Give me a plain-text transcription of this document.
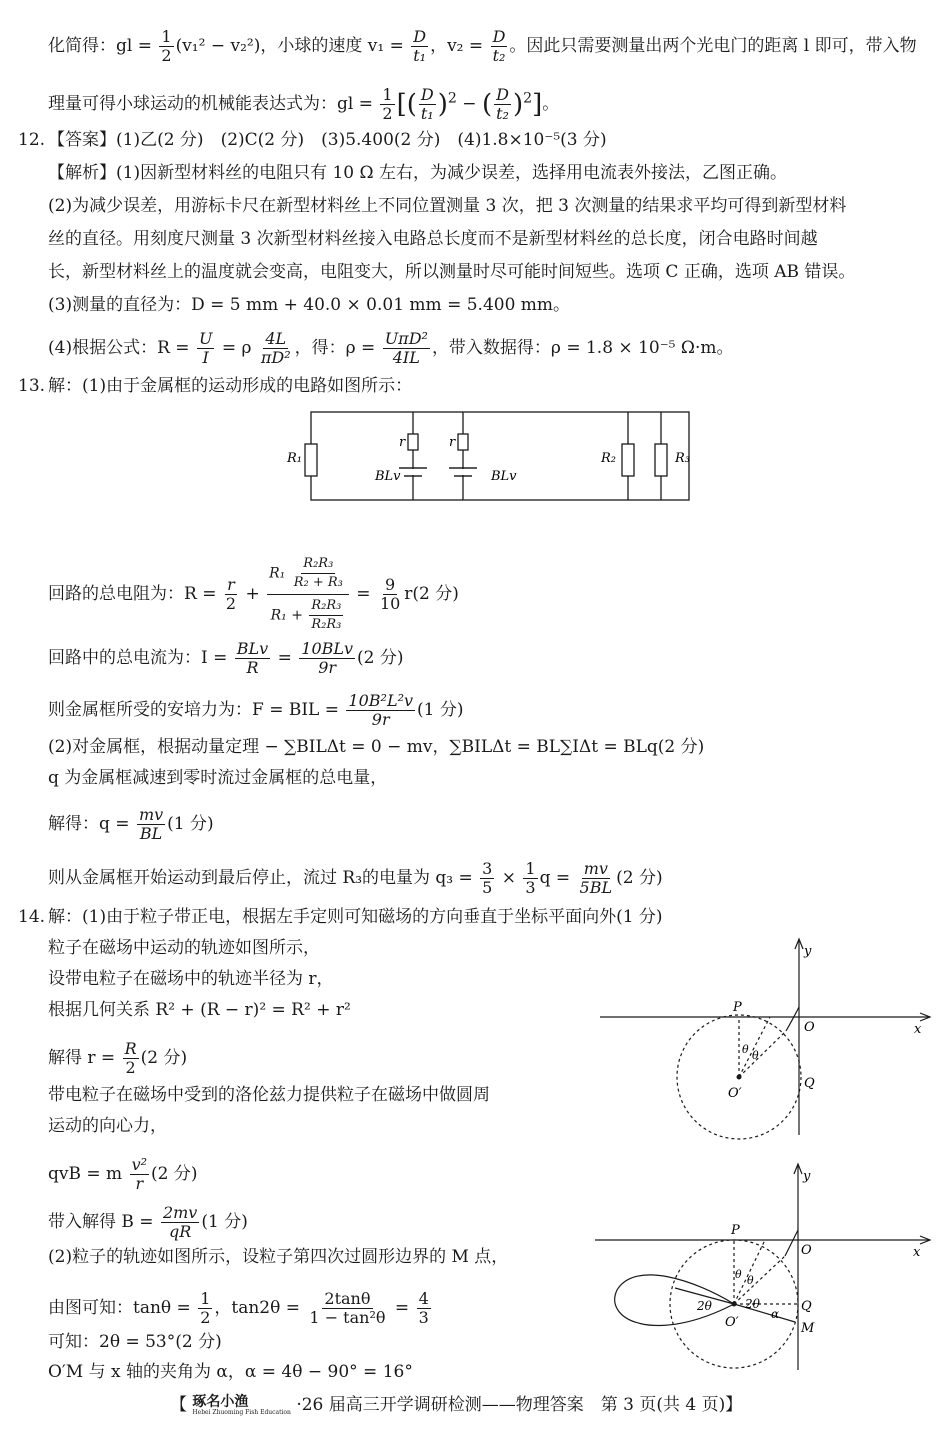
化简得：gl = $\frac{1}{2} (v_1^2 - v_2^2)$，小球的速度 $v_1 = \frac{D}{\text{t₁}}$ ，$v_2 = \frac{D}{\text{t₂}}$ 。因此只需要测量出两个光电门的距离 l 即可，带入物
理量可得小球运动的机械能表达式为：gl = $\frac{1}{2}$ [( $\frac{D}{\text{t₁}} )^2$ − ( $\frac{D}{\text{t₂}} )^2$]。
12. 【答案】(1)乙(2 分)　(2)C(2 分)　(3)5.400(2 分)　(4)1.8×10⁻⁵(3 分)
【解析】(1)因新型材料丝的电阻只有 10 Ω 左右，为减少误差，选择用电流表外接法，乙图正确。
(2)为减少误差，用游标卡尺在新型材料丝上不同位置测量 3 次，把 3 次测量的结果求平均可得到新型材料
丝的直径。用刻度尺测量 3 次新型材料丝接入电路总长度而不是新型材料丝的总长度，闭合电路时间越
长，新型材料丝上的温度就会变高，电阻变大，所以测量时尽可能时间短些。选项 C 正确，选项 AB 错误。
(3)测量的直径为：D = 5 mm + 40.0 × 0.01 mm = 5.400 mm。
(4)根据公式：$R = \frac{U}{I} = \rho \frac{4L}{\text{πD²}}$ ，得：$\rho = \frac{\text{UπD²}}{4IL}$ ，带入数据得：ρ = 1.8 × 10⁻⁵ Ω·m。
13. 解：(1)由于金属框的运动形成的电路如图所示：
R₁
r	r
BLv	BLv
R₂	R₃
回路的总电阻为：$R = \frac{r}{2} + \frac{R_1 \frac{\text{R₂R₃}}{\text{R₂ + R₃}}}{R_1 + \frac{\text{R₂R₃}}{\text{R₂R₃}}} = \frac{9}{10} r(2$ 分)
回路中的总电流为：$I = \frac{\text{BLv}}{R} = \frac{\text{10BLv}}{9r} (2$ 分)
则金属框所受的安培力为：F = BIL = $\frac{\text{10B²L²v}}{9r} (1$ 分)
(2)对金属框，根据动量定理 − ∑BILΔt = 0 − mv，∑BILΔt = BL∑IΔt = BLq(2 分)
q 为金属框减速到零时流过金属框的总电量，
解得：$q = \frac{mv}{BL} (1$ 分)
则从金属框开始运动到最后停止，流过 R₃的电量为 $q_3 = \frac{3}{5} \times \frac{1}{3}$ $q = \frac{mv}{5BL} (2$ 分)
14. 解：(1)由于粒子带正电，根据左手定则可知磁场的方向垂直于坐标平面向外(1 分)
粒子在磁场中运动的轨迹如图所示，
设带电粒子在磁场中的轨迹半径为 r，
根据几何关系 R² + (R − r)² = R² + r²
解得 $r = \frac{R}{2} (2$ 分)
带电粒子在磁场中受到的洛伦兹力提供粒子在磁场中做圆周
运动的向心力，
qvB = m $\frac{\text{v²}}{r} (2$ 分)
带入解得 $B = \frac{2mv}{qR} (1$ 分)
(2)粒子的轨迹如图所示，设粒子第四次过圆形边界的 M 点，
由图可知：$\tan\theta = \frac{1}{2}$ ，$\tan 2\theta = \frac{2\tan\theta}{\text{1 − tan²θ}} = \frac{4}{3}$
可知：2θ = 53°(2 分)
O′M 与 x 轴的夹角为 α，α = 4θ − 90° = 16°
y
x
P
O
Q
O′
θ θ
y
x
P
O
Q
M
O′
2θ	2θ
α
θ θ
【 琢名小渔
Hebei Zhuoming Fish Education ·26 届高三开学调研检测——物理答案　第 3 页(共 4 页)】
